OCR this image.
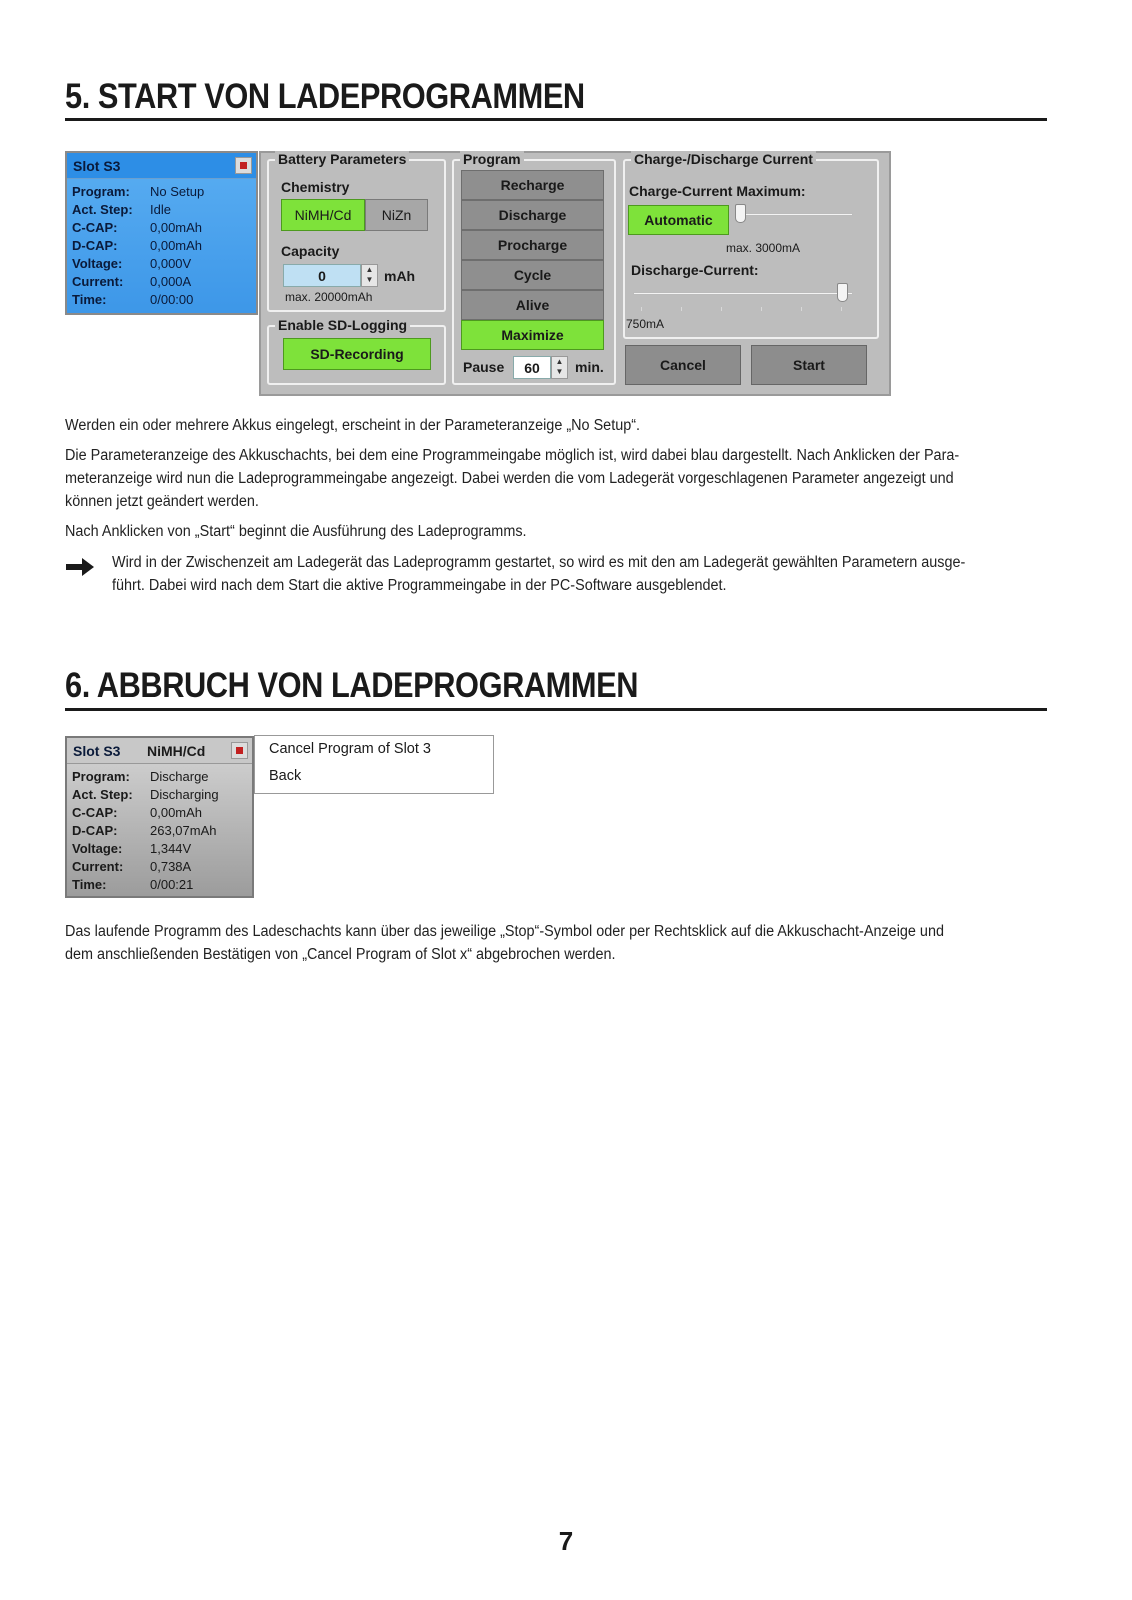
5. START VON LADEPROGRAMMEN
Slot S3
Program:	No Setup
Act. Step:	Idle
C-CAP:	0,00mAh
D-CAP:	0,00mAh
Voltage:	0,000V
Current:	0,000A
Time:	0/00:00
Battery Parameters
Chemistry
NiMH/Cd	NiZn
Capacity
0	▲
▼ mAh
max. 20000mAh
Enable SD-Logging
SD-Recording
Program
Recharge
Discharge
Procharge
Cycle
Alive
Maximize
Pause	60	▲
▼ min.
Charge-/Discharge Current
Charge-Current Maximum:
Automatic
max. 3000mA
Discharge-Current:
750mA
Cancel	Start
Werden ein oder mehrere Akkus eingelegt, erscheint in der Parameteranzeige „No Setup“.
Die Parameteranzeige des Akkuschachts, bei dem eine Programmeingabe möglich ist, wird dabei blau dargestellt. Nach Anklicken der Para-
meteranzeige wird nun die Ladeprogrammeingabe angezeigt. Dabei werden die vom Ladegerät vorgeschlagenen Parameter angezeigt und
können jetzt geändert werden.
Nach Anklicken von „Start“ beginnt die Ausführung des Ladeprogramms.
Wird in der Zwischenzeit am Ladegerät das Ladeprogramm gestartet, so wird es mit den am Ladegerät gewählten Parametern ausge-
führt. Dabei wird nach dem Start die aktive Programmeingabe in der PC-Software ausgeblendet.
6. ABBRUCH VON LADEPROGRAMMEN
Slot S3 NiMH/Cd
Program:	Discharge
Act. Step:	Discharging
C-CAP:	0,00mAh
D-CAP:	263,07mAh
Voltage:	1,344V
Current:	0,738A
Time:	0/00:21
Cancel Program of Slot 3
Back
Das laufende Programm des Ladeschachts kann über das jeweilige „Stop“-Symbol oder per Rechtsklick auf die Akkuschacht-Anzeige und
dem anschließenden Bestätigen von „Cancel Program of Slot x“ abgebrochen werden.
7
